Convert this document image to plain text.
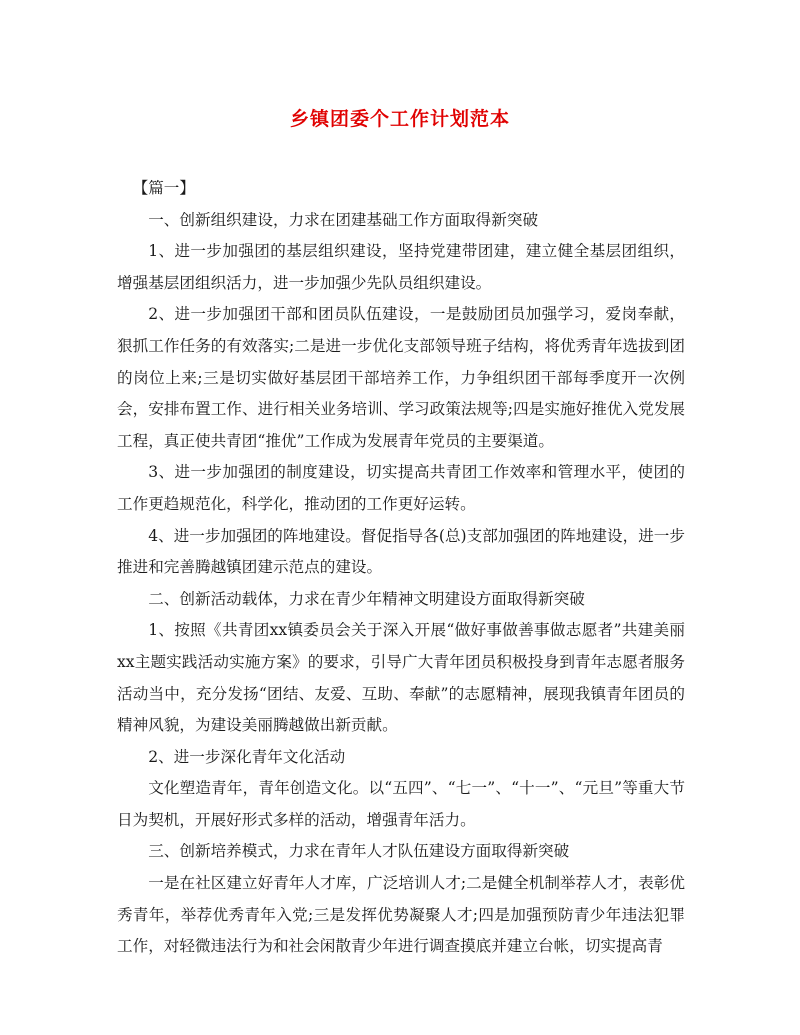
乡镇团委个工作计划范本

【篇一】

一、创新组织建设，力求在团建基础工作方面取得新突破

1、进一步加强团的基层组织建设，坚持党建带团建，建立健全基层团组织，增强基层团组织活力，进一步加强少先队员组织建设。

2、进一步加强团干部和团员队伍建设，一是鼓励团员加强学习，爱岗奉献，狠抓工作任务的有效落实;二是进一步优化支部领导班子结构，将优秀青年选拔到团的岗位上来;三是切实做好基层团干部培养工作，力争组织团干部每季度开一次例会，安排布置工作、进行相关业务培训、学习政策法规等;四是实施好推优入党发展工程，真正使共青团“推优”工作成为发展青年党员的主要渠道。

3、进一步加强团的制度建设，切实提高共青团工作效率和管理水平，使团的工作更趋规范化，科学化，推动团的工作更好运转。

4、进一步加强团的阵地建设。督促指导各(总)支部加强团的阵地建设，进一步推进和完善腾越镇团建示范点的建设。

二、创新活动载体，力求在青少年精神文明建设方面取得新突破

1、按照《共青团xx镇委员会关于深入开展“做好事做善事做志愿者”共建美丽xx主题实践活动实施方案》的要求，引导广大青年团员积极投身到青年志愿者服务活动当中，充分发扬“团结、友爱、互助、奉献”的志愿精神，展现我镇青年团员的精神风貌，为建设美丽腾越做出新贡献。

2、进一步深化青年文化活动

文化塑造青年，青年创造文化。以“五四”、“七一”、“十一”、“元旦”等重大节日为契机，开展好形式多样的活动，增强青年活力。

三、创新培养模式，力求在青年人才队伍建设方面取得新突破

一是在社区建立好青年人才库，广泛培训人才;二是健全机制举荐人才，表彰优秀青年，举荐优秀青年入党;三是发挥优势凝聚人才;四是加强预防青少年违法犯罪工作，对轻微违法行为和社会闲散青少年进行调查摸底并建立台帐，切实提高青
